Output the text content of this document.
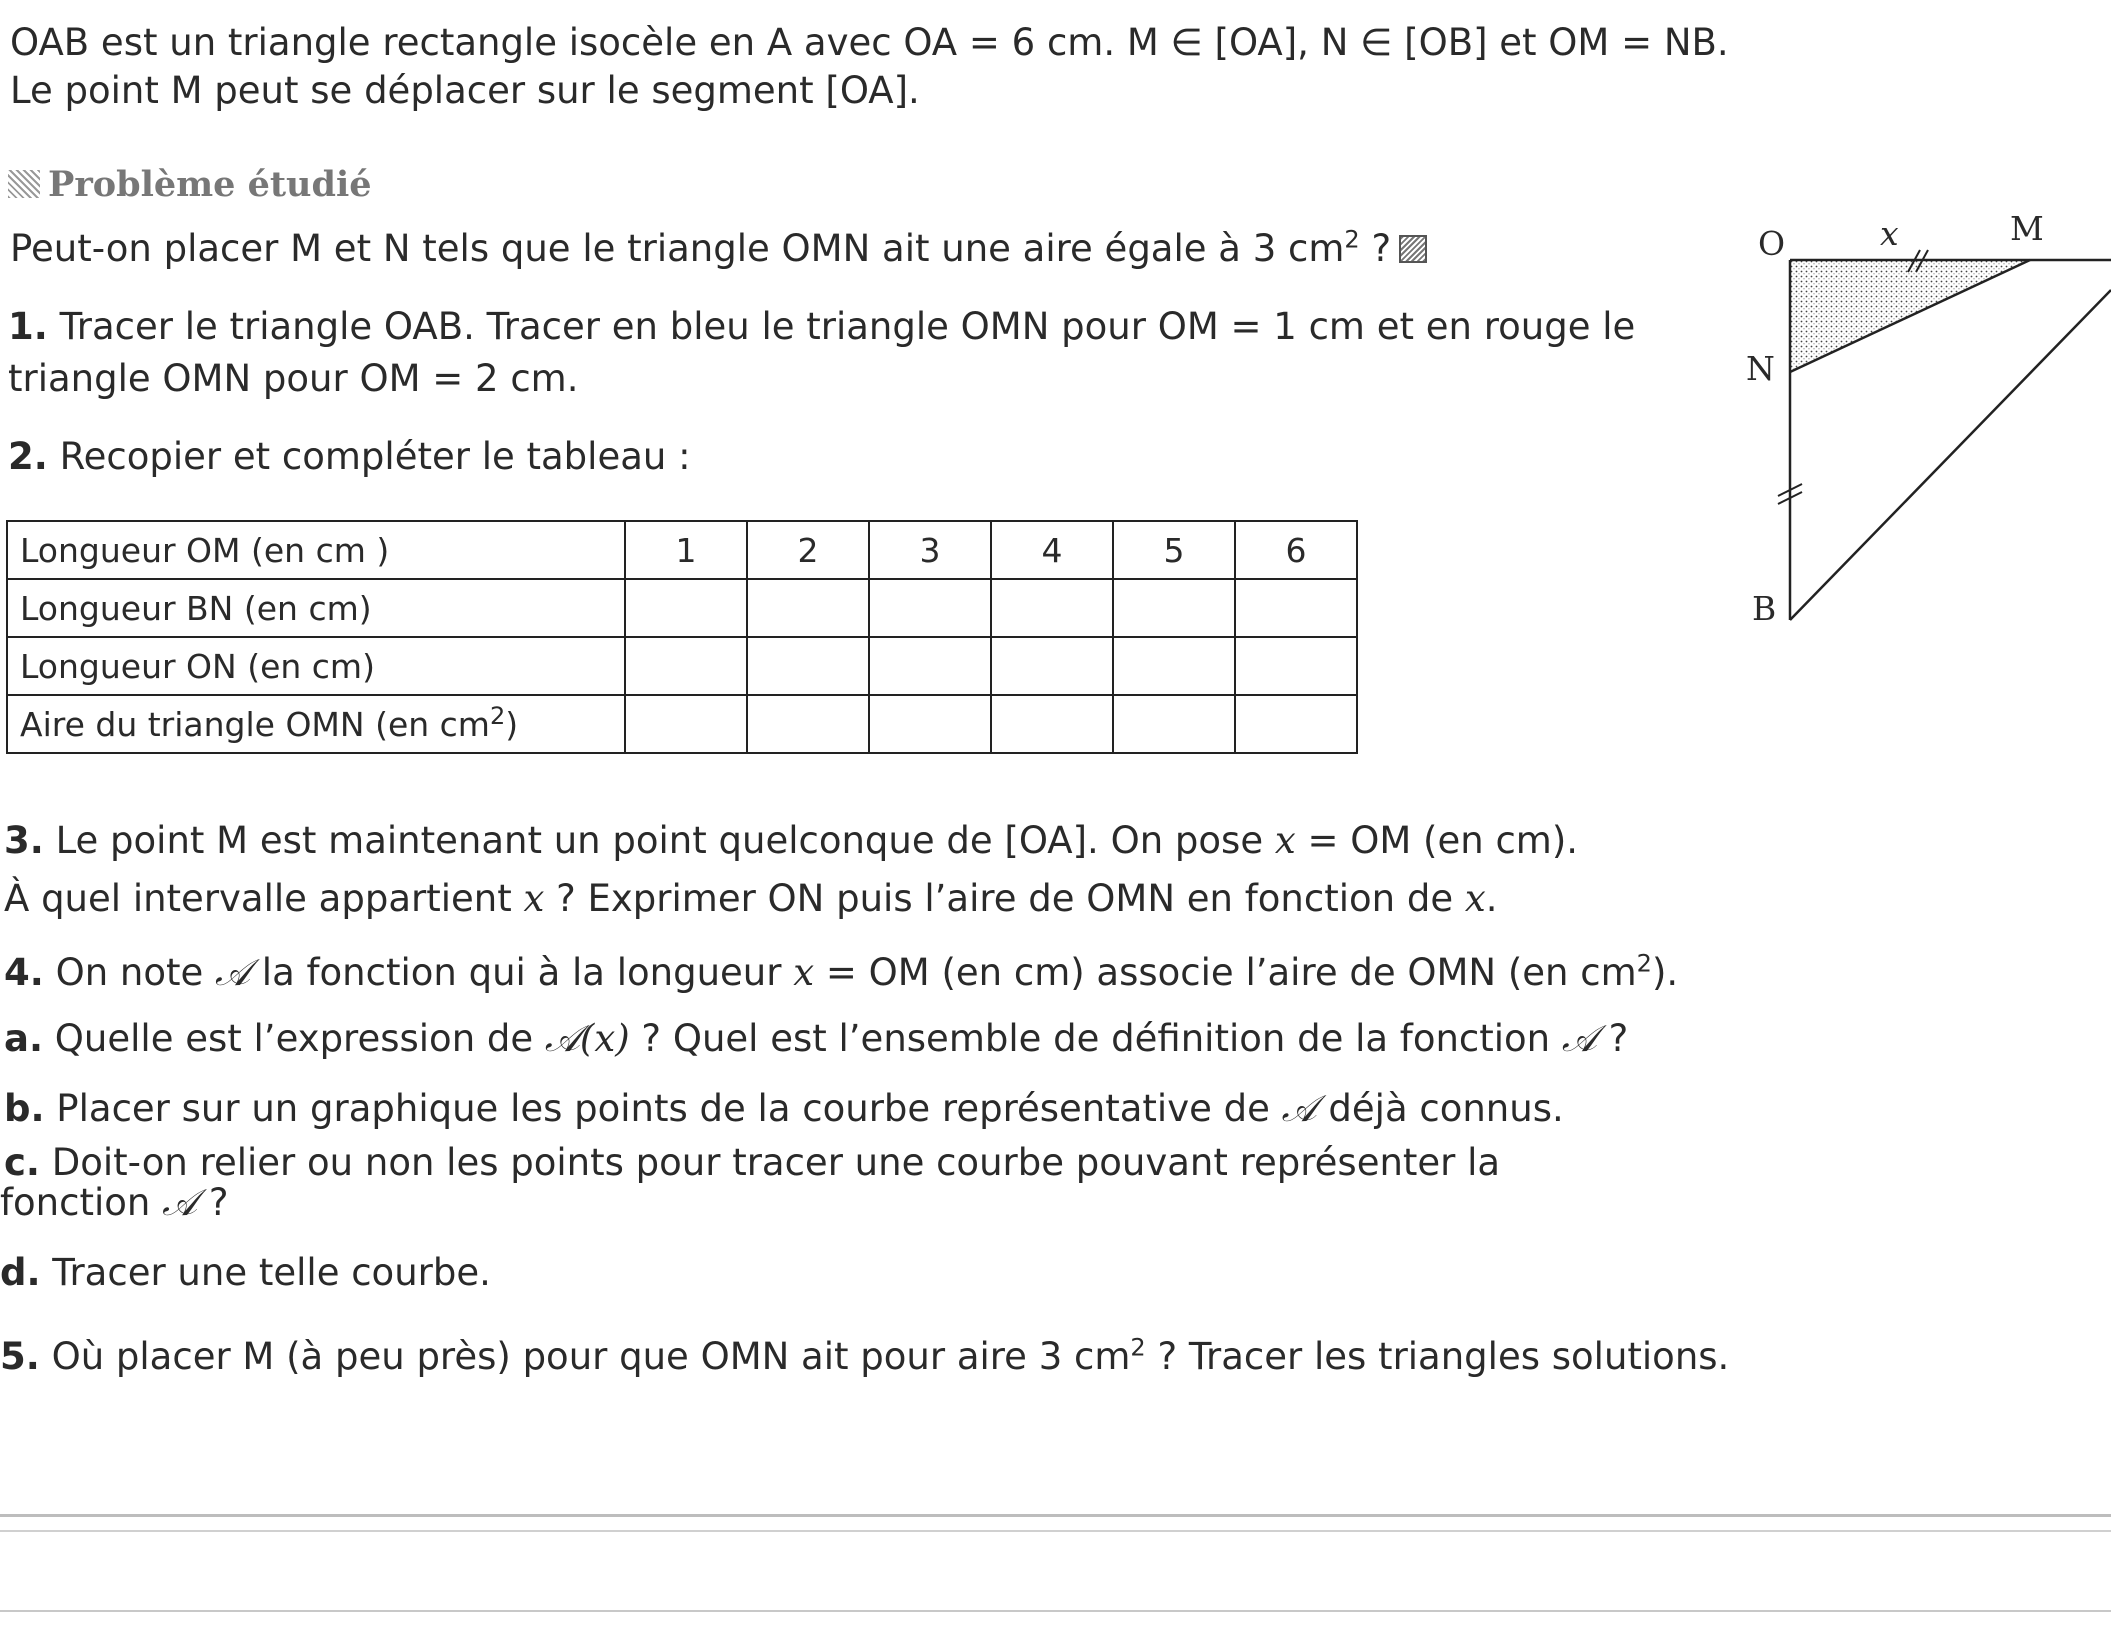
OAB est un triangle rectangle isocèle en A avec OA = 6 cm. M ∈ [OA], N ∈ [OB] et OM = NB.
Le point M peut se déplacer sur le segment [OA].
Problème étudié
Peut-on placer M et N tels que le triangle OMN ait une aire égale à 3 $cm^2$ ?
1. Tracer le triangle OAB. Tracer en bleu le triangle OMN pour OM = 1 cm et en rouge le
triangle OMN pour OM = 2 cm.
2. Recopier et compléter le tableau :
Longueur OM (en cm )	1	2	3	4	5	6
Longueur BN (en cm)						
Longueur ON (en cm)						
Aire du triangle OMN (en $cm^2$)						
3. Le point M est maintenant un point quelconque de [OA]. On pose x = OM (en cm).
À quel intervalle appartient x ? Exprimer ON puis l’aire de OMN en fonction de x.
4. On note 𝒜 la fonction qui à la longueur x = OM (en cm) associe l’aire de OMN (en $cm^2$).
a. Quelle est l’expression de 𝒜(x) ? Quel est l’ensemble de définition de la fonction 𝒜 ?
b. Placer sur un graphique les points de la courbe représentative de 𝒜 déjà connus.
c. Doit-on relier ou non les points pour tracer une courbe pouvant représenter la
fonction 𝒜 ?
d. Tracer une telle courbe.
5. Où placer M (à peu près) pour que OMN ait pour aire 3 $cm^2$ ? Tracer les triangles solutions.
O	x	M
N
B
